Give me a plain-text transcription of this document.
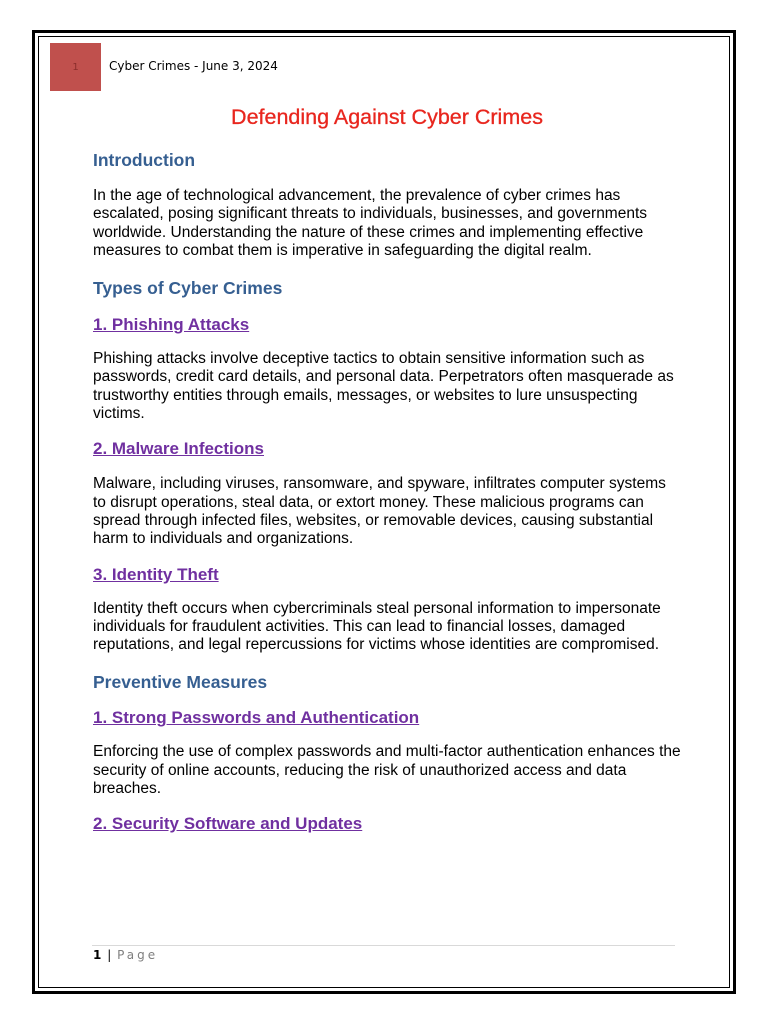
1	Cyber Crimes - June 3, 2024
Defending Against Cyber Crimes
Introduction

In the age of technological advancement, the prevalence of cyber crimes has escalated, posing significant threats to individuals, businesses, and governments worldwide. Understanding the nature of these crimes and implementing effective measures to combat them is imperative in safeguarding the digital realm.

Types of Cyber Crimes
1. Phishing Attacks

Phishing attacks involve deceptive tactics to obtain sensitive information such as passwords, credit card details, and personal data. Perpetrators often masquerade as trustworthy entities through emails, messages, or websites to lure unsuspecting victims.

2. Malware Infections

Malware, including viruses, ransomware, and spyware, infiltrates computer systems to disrupt operations, steal data, or extort money. These malicious programs can spread through infected files, websites, or removable devices, causing substantial harm to individuals and organizations.

3. Identity Theft

Identity theft occurs when cybercriminals steal personal information to impersonate individuals for fraudulent activities. This can lead to financial losses, damaged reputations, and legal repercussions for victims whose identities are compromised.

Preventive Measures
1. Strong Passwords and Authentication

Enforcing the use of complex passwords and multi-factor authentication enhances the security of online accounts, reducing the risk of unauthorized access and data breaches.

2. Security Software and Updates
1 | Page
